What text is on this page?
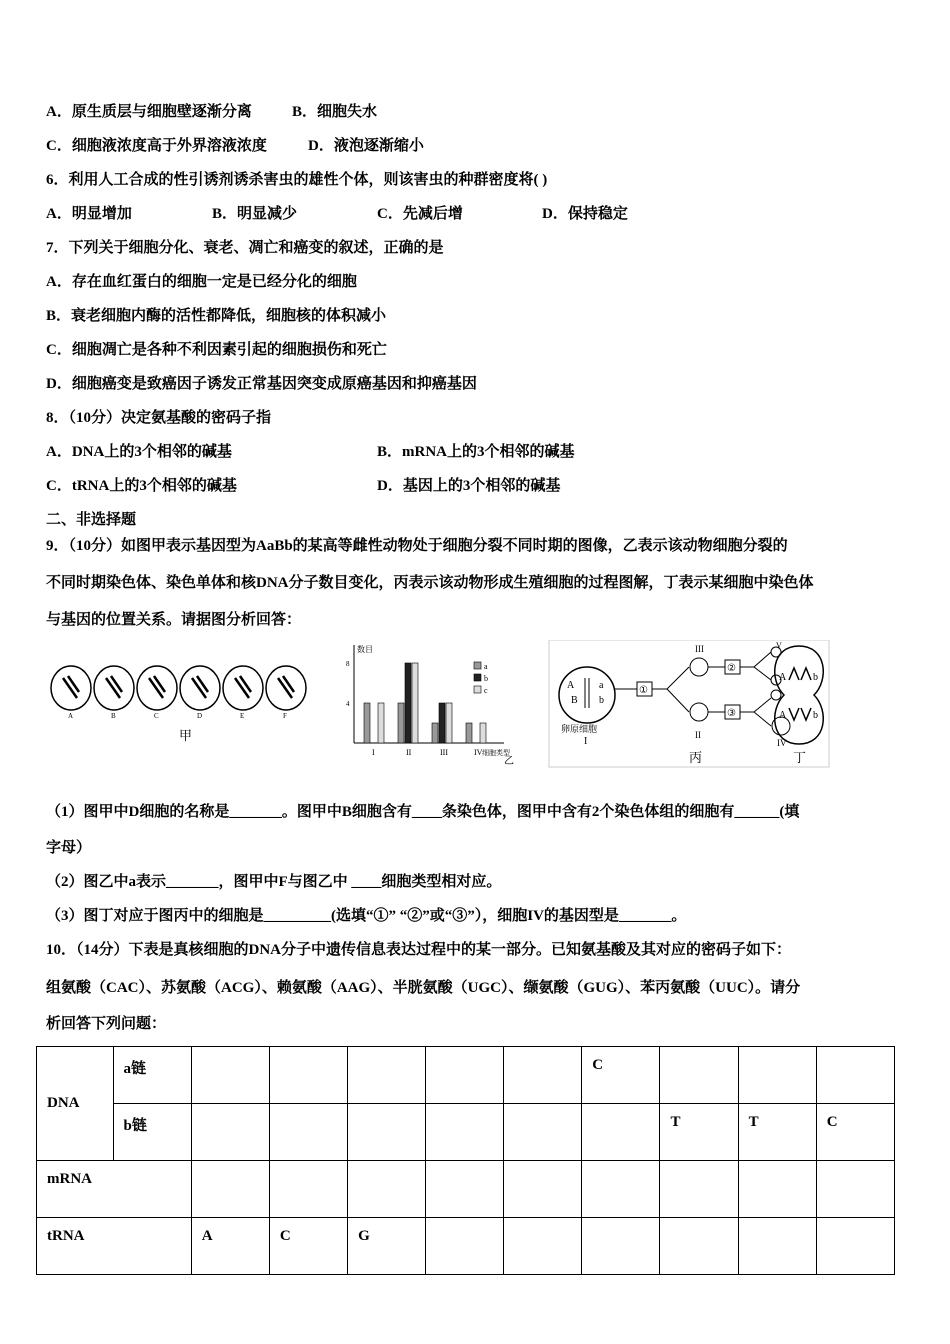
A．原生质层与细胞壁逐渐分离	B．细胞失水
C．细胞液浓度高于外界溶液浓度	D．液泡逐渐缩小
6．利用人工合成的性引诱剂诱杀害虫的雄性个体，则该害虫的种群密度将( )
A．明显增加	B．明显减少	C．先减后增	D．保持稳定
7．下列关于细胞分化、衰老、凋亡和癌变的叙述，正确的是
A．存在血红蛋白的细胞一定是已经分化的细胞
B．衰老细胞内酶的活性都降低，细胞核的体积减小
C．细胞凋亡是各种不利因素引起的细胞损伤和死亡
D．细胞癌变是致癌因子诱发正常基因突变成原癌基因和抑癌基因
8．（10分）决定氨基酸的密码子指
A．DNA上的3个相邻的碱基	B．mRNA上的3个相邻的碱基
C．tRNA上的3个相邻的碱基	D．基因上的3个相邻的碱基
二、非选择题
9．（10分）如图甲表示基因型为AaBb的某高等雌性动物处于细胞分裂不同时期的图像，乙表示该动物细胞分裂的
不同时期染色体、染色单体和核DNA分子数目变化，丙表示该动物形成生殖细胞的过程图解，丁表示某细胞中染色体
与基因的位置关系。请据图分析回答：
A	B	C	D	E	F
甲
数目
细胞类型
乙
8
4
I	II	III	IV
a
b
c	A a
B b
卵原细胞
I
①
III
II
②
③
V
IV
丙
A	b
A	b
丁
（1）图甲中D细胞的名称是_______。图甲中B细胞含有____条染色体，图甲中含有2个染色体组的细胞有______(填
字母）
（2）图乙中a表示_______，图甲中F与图乙中 ____细胞类型相对应。
（3）图丁对应于图丙中的细胞是_________(选填“①” “②”或“③”），细胞IV的基因型是_______。
10．（14分）下表是真核细胞的DNA分子中遗传信息表达过程中的某一部分。已知氨基酸及其对应的密码子如下：
组氨酸（CAC）、苏氨酸（ACG）、赖氨酸（AAG）、半胱氨酸（UGC）、缬氨酸（GUG）、苯丙氨酸（UUC）。请分
析回答下列问题：
DNA	a链						C			
	b链							T	T	C
mRNA										
tRNA		A	C	G						
